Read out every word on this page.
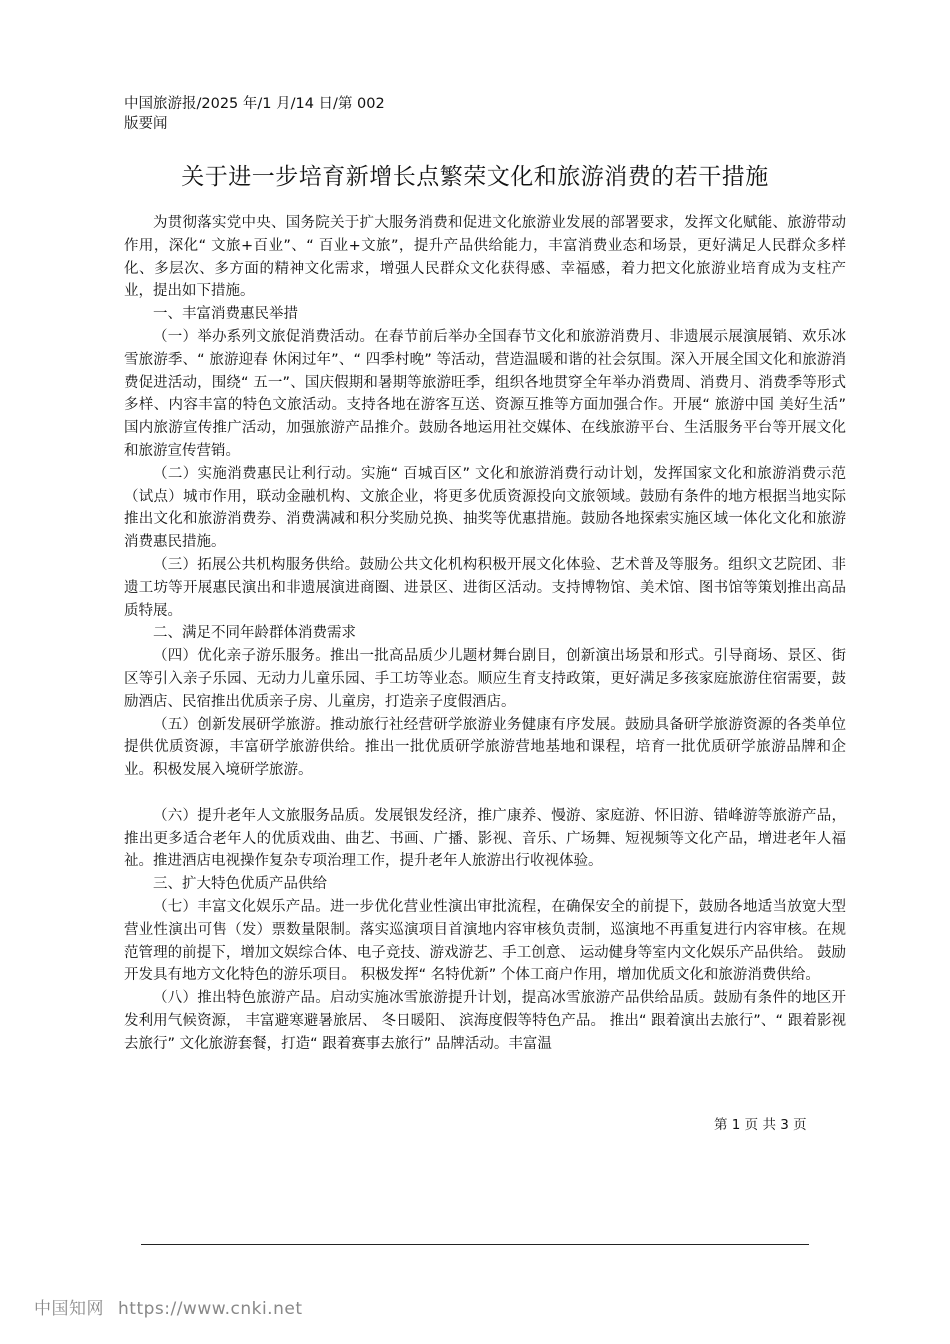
中国旅游报/2025 年/1 月/14 日/第 002
版要闻
关于进一步培育新增长点繁荣文化和旅游消费的若干措施

为贯彻落实党中央、国务院关于扩大服务消费和促进文化旅游业发展的部署要求，发挥文化赋能、旅游带动作用，深化“ 文旅+百业”、“ 百业+文旅”，提升产品供给能力，丰富消费业态和场景，更好满足人民群众多样化、多层次、多方面的精神文化需求，增强人民群众文化获得感、幸福感，着力把文化旅游业培育成为支柱产业，提出如下措施。

一、丰富消费惠民举措

（一）举办系列文旅促消费活动。在春节前后举办全国春节文化和旅游消费月、非遗展示展演展销、欢乐冰雪旅游季、“ 旅游迎春 休闲过年”、“ 四季村晚” 等活动，营造温暖和谐的社会氛围。深入开展全国文化和旅游消费促进活动，围绕“ 五一”、国庆假期和暑期等旅游旺季，组织各地贯穿全年举办消费周、消费月、消费季等形式多样、内容丰富的特色文旅活动。支持各地在游客互送、资源互推等方面加强合作。开展“ 旅游中国 美好生活” 国内旅游宣传推广活动，加强旅游产品推介。鼓励各地运用社交媒体、在线旅游平台、生活服务平台等开展文化和旅游宣传营销。

（二）实施消费惠民让利行动。实施“ 百城百区” 文化和旅游消费行动计划，发挥国家文化和旅游消费示范（试点）城市作用，联动金融机构、文旅企业，将更多优质资源投向文旅领域。鼓励有条件的地方根据当地实际推出文化和旅游消费券、消费满减和积分奖励兑换、抽奖等优惠措施。鼓励各地探索实施区域一体化文化和旅游消费惠民措施。

（三）拓展公共机构服务供给。鼓励公共文化机构积极开展文化体验、艺术普及等服务。组织文艺院团、非遗工坊等开展惠民演出和非遗展演进商圈、进景区、进街区活动。支持博物馆、美术馆、图书馆等策划推出高品质特展。

二、满足不同年龄群体消费需求

（四）优化亲子游乐服务。推出一批高品质少儿题材舞台剧目，创新演出场景和形式。引导商场、景区、街区等引入亲子乐园、无动力儿童乐园、手工坊等业态。顺应生育支持政策，更好满足多孩家庭旅游住宿需要，鼓励酒店、民宿推出优质亲子房、儿童房，打造亲子度假酒店。

（五）创新发展研学旅游。推动旅行社经营研学旅游业务健康有序发展。鼓励具备研学旅游资源的各类单位提供优质资源，丰富研学旅游供给。推出一批优质研学旅游营地基地和课程，培育一批优质研学旅游品牌和企业。积极发展入境研学旅游。

（六）提升老年人文旅服务品质。发展银发经济，推广康养、慢游、家庭游、怀旧游、错峰游等旅游产品，推出更多适合老年人的优质戏曲、曲艺、书画、广播、影视、音乐、广场舞、短视频等文化产品，增进老年人福祉。推进酒店电视操作复杂专项治理工作，提升老年人旅游出行收视体验。

三、扩大特色优质产品供给

（七）丰富文化娱乐产品。进一步优化营业性演出审批流程，在确保安全的前提下，鼓励各地适当放宽大型营业性演出可售（发）票数量限制。落实巡演项目首演地内容审核负责制，巡演地不再重复进行内容审核。在规范管理的前提下，增加文娱综合体、电子竞技、游戏游艺、手工创意、 运动健身等室内文化娱乐产品供给。 鼓励开发具有地方文化特色的游乐项目。 积极发挥“ 名特优新” 个体工商户作用，增加优质文化和旅游消费供给。

（八）推出特色旅游产品。启动实施冰雪旅游提升计划，提高冰雪旅游产品供给品质。鼓励有条件的地区开发利用气候资源， 丰富避寒避暑旅居、 冬日暖阳、 滨海度假等特色产品。 推出“ 跟着演出去旅行”、“ 跟着影视去旅行” 文化旅游套餐，打造“ 跟着赛事去旅行” 品牌活动。丰富温

第 1 页 共 3 页
中国知网 https://www.cnki.net
